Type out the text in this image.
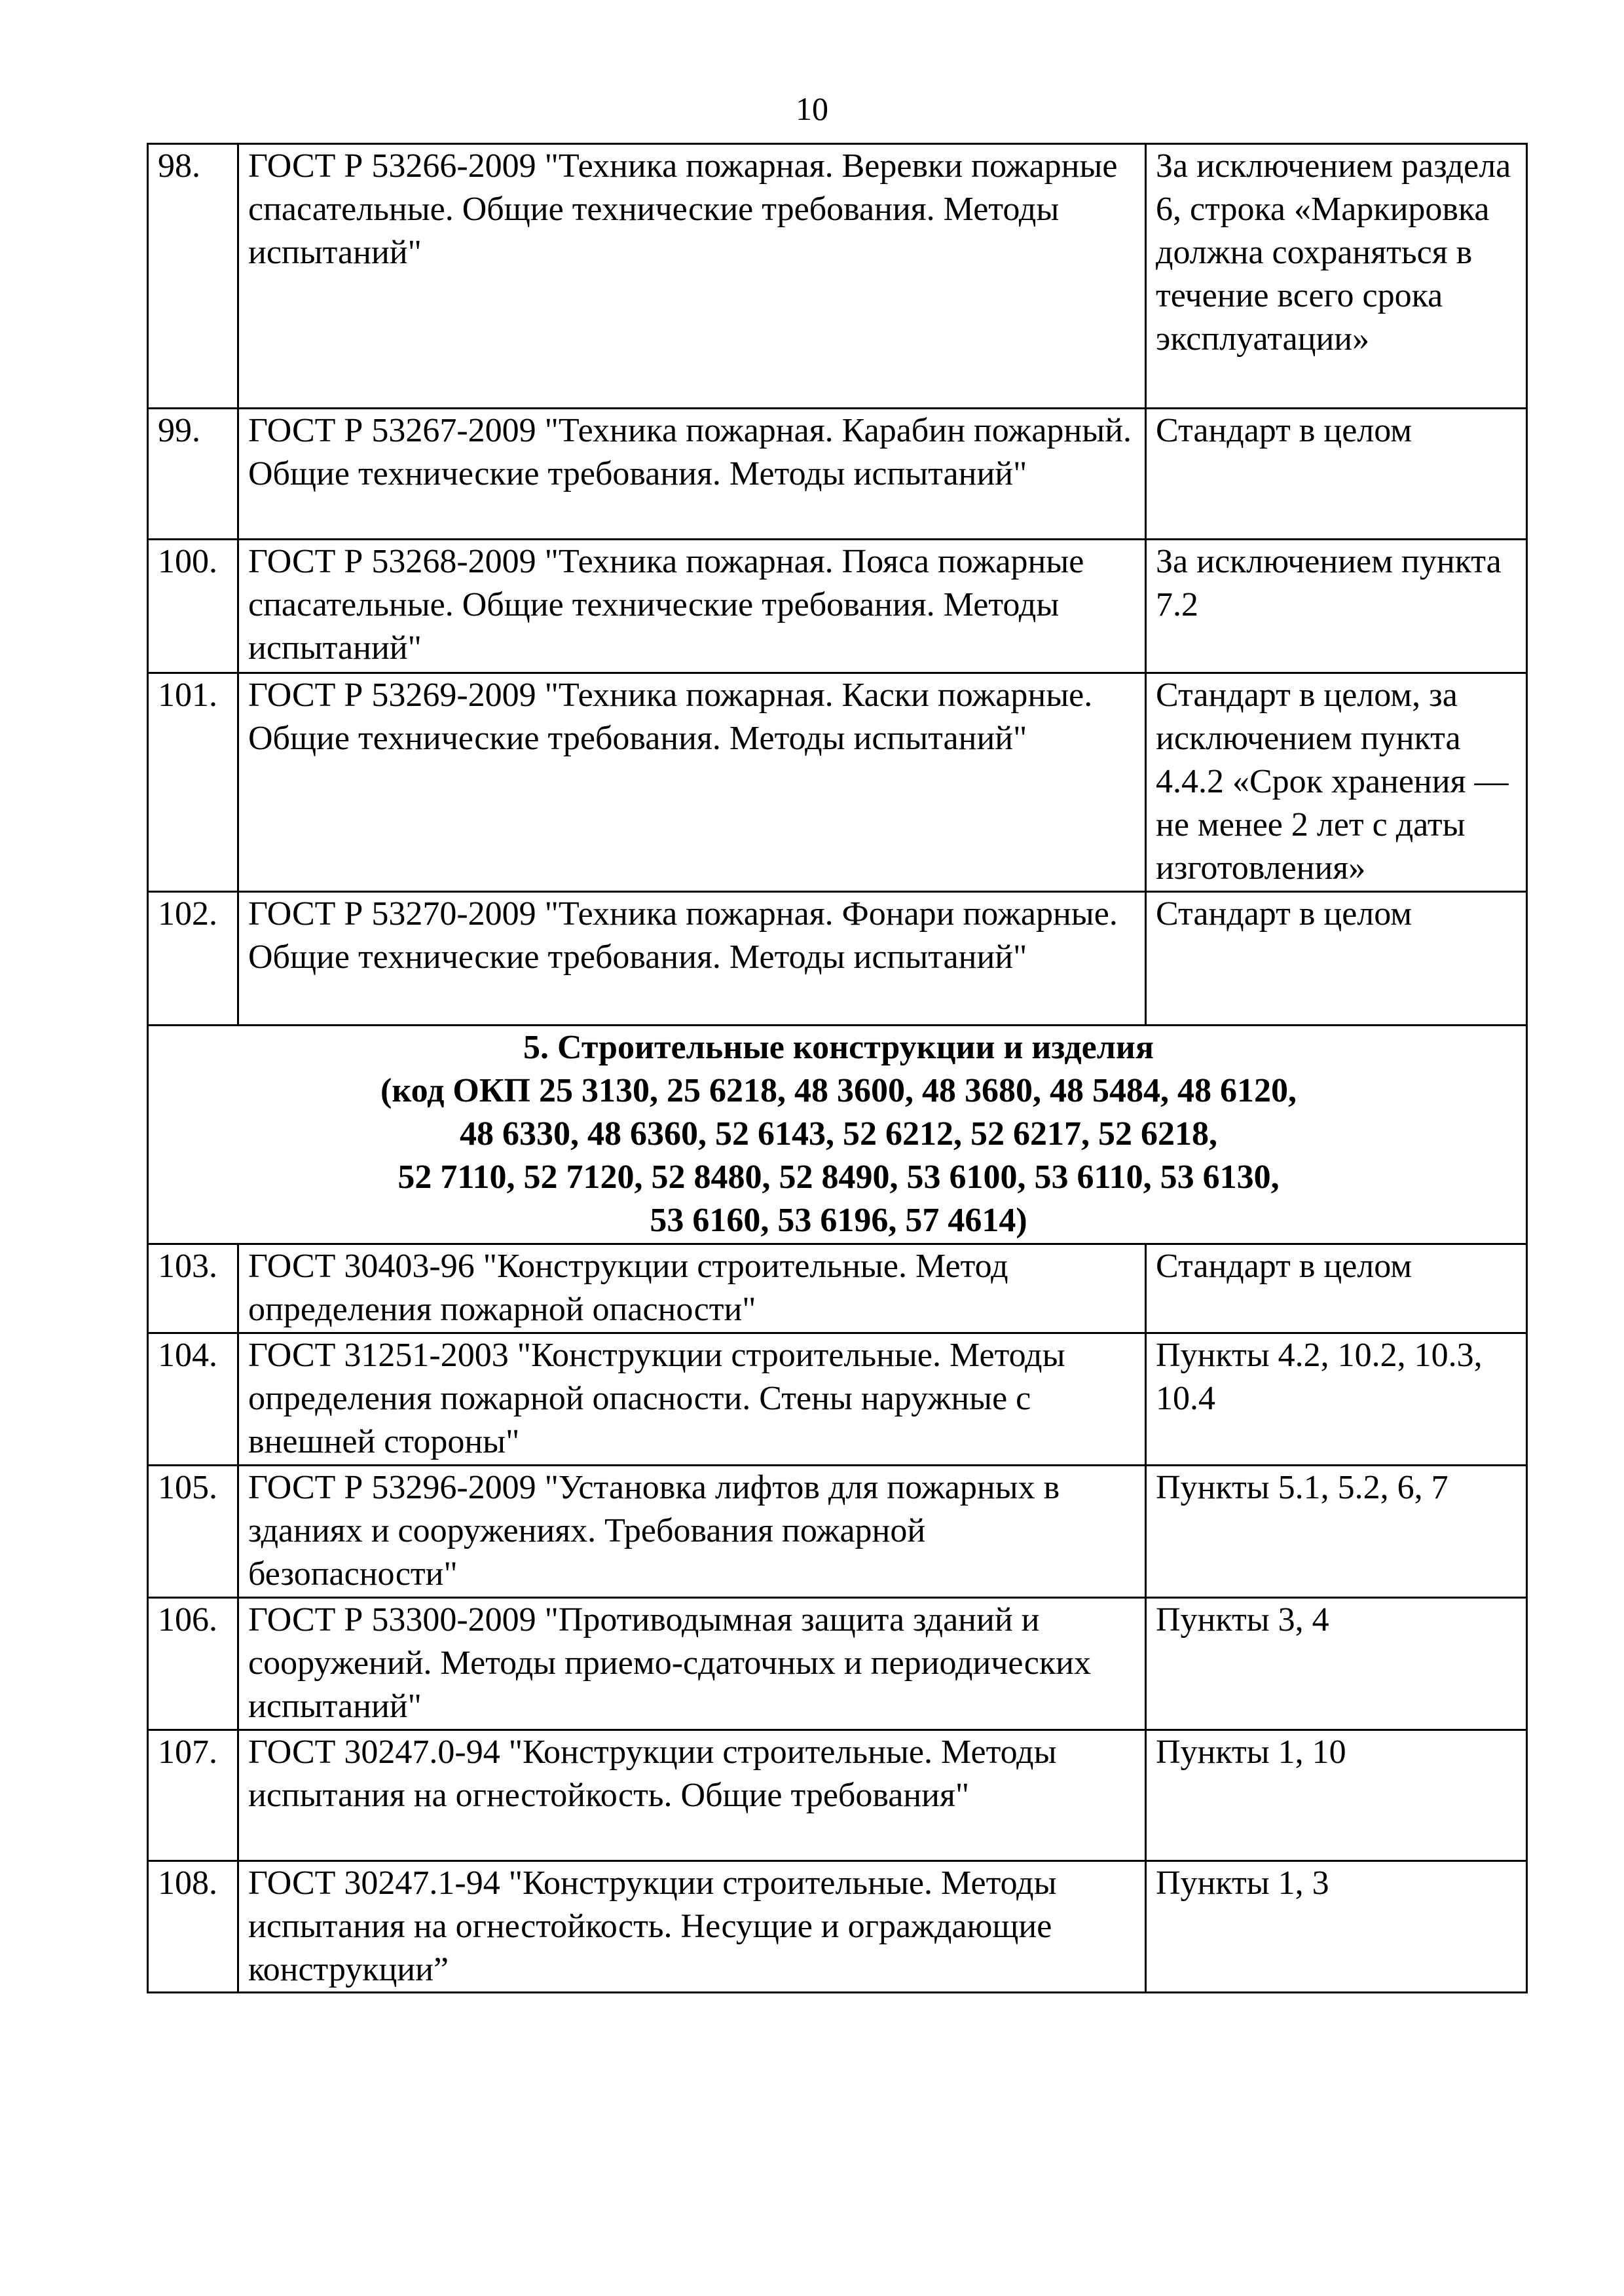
10
98.	ГОСТ Р 53266-2009 "Техника пожарная. Веревки пожарные спасательные. Общие технические требования. Методы испытаний"	За исключением раздела 6, строка «Маркировка должна сохраняться в течение всего срока эксплуатации»
99.	ГОСТ Р 53267-2009 "Техника пожарная. Карабин пожарный. Общие технические требования. Методы испытаний"	Стандарт в целом
100.	ГОСТ Р 53268-2009 "Техника пожарная. Пояса пожарные спасательные. Общие технические требования. Методы испытаний"	За исключением пункта 7.2
101.	ГОСТ Р 53269-2009 "Техника пожарная. Каски пожарные. Общие технические требования. Методы испытаний"	Стандарт в целом, за исключением пункта 4.4.2 «Срок хранения — не менее 2 лет с даты изготовления»
102.	ГОСТ Р 53270-2009 "Техника пожарная. Фонари пожарные. Общие технические требования. Методы испытаний"	Стандарт в целом

5. Строительные конструкции и изделия
(код ОКП 25 3130, 25 6218, 48 3600, 48 3680, 48 5484, 48 6120,
48 6330, 48 6360, 52 6143, 52 6212, 52 6217, 52 6218,
52 7110, 52 7120, 52 8480, 52 8490, 53 6100, 53 6110, 53 6130,
53 6160, 53 6196, 57 4614)		

103.	ГОСТ 30403-96 "Конструкции строительные. Метод определения пожарной опасности"	Стандарт в целом
104.	ГОСТ 31251-2003 "Конструкции строительные. Методы определения пожарной опасности. Стены наружные с внешней стороны"	Пункты 4.2, 10.2, 10.3, 10.4
105.	ГОСТ Р 53296-2009 "Установка лифтов для пожарных в зданиях и сооружениях. Требования пожарной безопасности"	Пункты 5.1, 5.2, 6, 7
106.	ГОСТ Р 53300-2009 "Противодымная защита зданий и сооружений. Методы приемо-сдаточных и периодических испытаний"	Пункты 3, 4
107.	ГОСТ 30247.0-94 "Конструкции строительные. Методы испытания на огнестойкость. Общие требования"	Пункты 1, 10
108.	ГОСТ 30247.1-94 "Конструкции строительные. Методы испытания на огнестойкость. Несущие и ограждающие конструкции”	Пункты 1, 3
